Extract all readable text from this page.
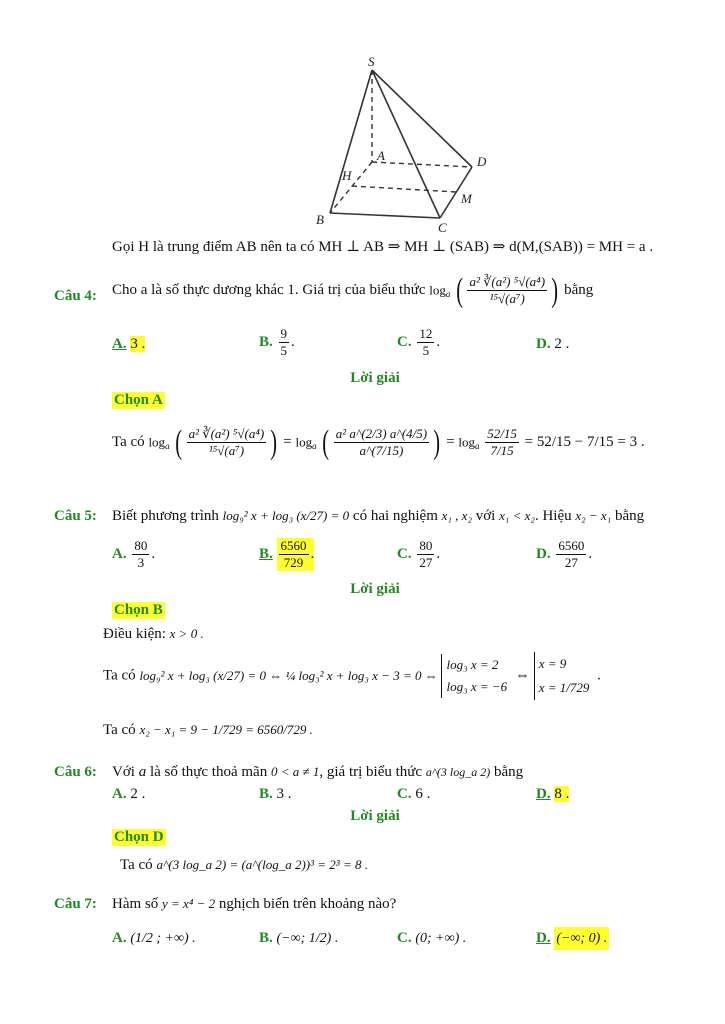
S
A	D
H
M
B
C
Gọi H là trung điểm AB nên ta có MH ⊥ AB ⇒ MH ⊥ (SAB) ⇒ d(M,(SAB)) = MH = a .
Câu 4: Cho a là số thực dương khác 1. Giá trị của biểu thức $\log_a$ ( $\frac{\text{a² ∛(a²) ⁵√(a⁴)}}{\text{¹⁵√(a⁷)}}$ ) bằng
A. 3 .	B. $\frac{9}{5}$ .	C. $\frac{12}{5}$ .	D. 2 .
Lời giải
Chọn A
Ta có $\log_a$ ( $\frac{\text{a² ∛(a²) ⁵√(a⁴)}}{\text{¹⁵√(a⁷)}}$ ) = $\log_a$ ( $\frac{\text{a² a\textasciicircum{}(2/3) a\textasciicircum{}(4/5)}}{a\^{}(7/15)}$ ) = $\log_a \frac{52/15}{7/15} = 52/15 - 7/15 = 3$ .
Câu 5: Biết phương trình log₉² x + log₃ (x/27) = 0 có hai nghiệm x₁ , x₂ với x₁ < x₂. Hiệu x₂ − x₁ bằng
A. $\frac{80}{3}$ .	B. $\frac{6560}{729}$ .	C. $\frac{80}{27}$ .	D. $\frac{6560}{27}$ .
Lời giải
Chọn B
Điều kiện: x > 0 .
Ta có log₉² x + log₃ (x/27) = 0 ⇔ ¼ log₃² x + log₃ x − 3 = 0 ⇔
log₃ x = 2
log₃ x = −6
⇔
x = 9
x = 1/729
.
Ta có x₂ − x₁ = 9 − 1/729 = 6560/729 .
Câu 6: Với a là số thực thoả mãn 0 < a ≠ 1, giá trị biểu thức a^(3 log_a 2) bằng
A. 2 .	B. 3 .	C. 6 .	D. 8 .
Lời giải
Chọn D
Ta có a^(3 log_a 2) = (a^(log_a 2))³ = 2³ = 8 .
Câu 7: Hàm số y = x⁴ − 2 nghịch biến trên khoảng nào?
A. (1/2 ; +∞) .	B. (−∞; 1/2) .	C. (0; +∞) .	D. (−∞; 0) .
